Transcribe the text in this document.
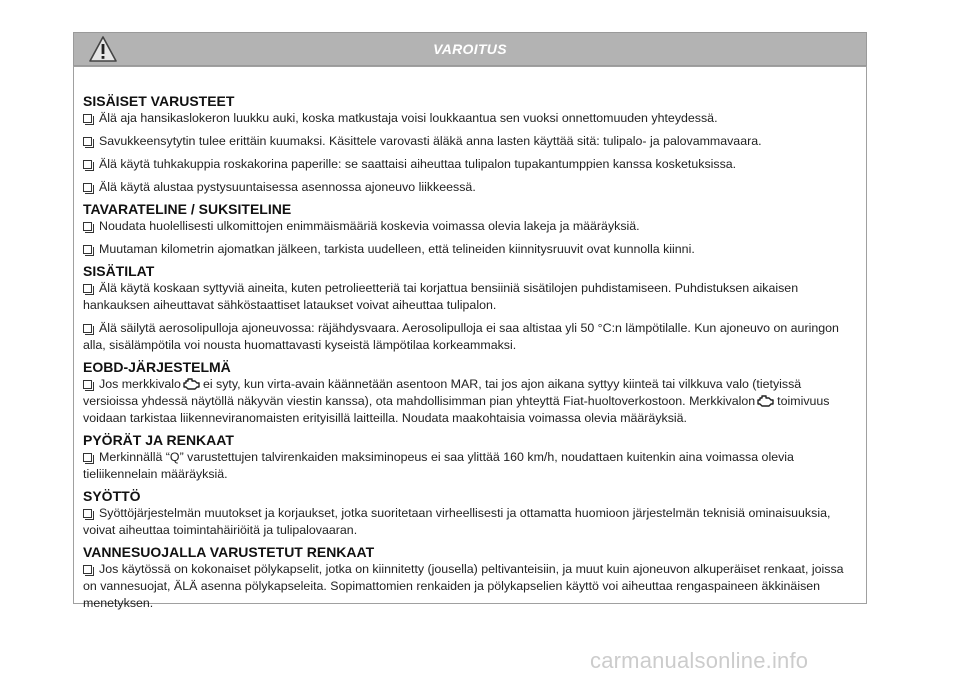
VAROITUS

SISÄISET VARUSTEET

Älä aja hansikaslokeron luukku auki, koska matkustaja voisi loukkaantua sen vuoksi onnettomuuden yhteydessä.

Savukkeensytytin tulee erittäin kuumaksi. Käsittele varovasti äläkä anna lasten käyttää sitä: tulipalo- ja palovammavaara.

Älä käytä tuhkakuppia roskakorina paperille: se saattaisi aiheuttaa tulipalon tupakantumppien kanssa kosketuksissa.

Älä käytä alustaa pystysuuntaisessa asennossa ajoneuvo liikkeessä.

TAVARATELINE / SUKSITELINE

Noudata huolellisesti ulkomittojen enimmäismääriä koskevia voimassa olevia lakeja ja määräyksiä.

Muutaman kilometrin ajomatkan jälkeen, tarkista uudelleen, että telineiden kiinnitysruuvit ovat kunnolla kiinni.

SISÄTILAT

Älä käytä koskaan syttyviä aineita, kuten petrolieetteriä tai korjattua bensiiniä sisätilojen puhdistamiseen. Puhdistuksen aikaisen hankauksen aiheuttavat sähköstaattiset lataukset voivat aiheuttaa tulipalon.

Älä säilytä aerosolipulloja ajoneuvossa: räjähdysvaara. Aerosolipulloja ei saa altistaa yli 50 °C:n lämpötilalle. Kun ajoneuvo on auringon alla, sisälämpötila voi nousta huomattavasti kyseistä lämpötilaa korkeammaksi.

EOBD-JÄRJESTELMÄ

Jos merkkivalo ei syty, kun virta-avain käännetään asentoon MAR, tai jos ajon aikana syttyy kiinteä tai vilkkuva valo (tietyissä versioissa yhdessä näytöllä näkyvän viestin kanssa), ota mahdollisimman pian yhteyttä Fiat-huoltoverkostoon. Merkkivalon toimivuus voidaan tarkistaa liikenneviranomaisten erityisillä laitteilla. Noudata maakohtaisia voimassa olevia määräyksiä.

PYÖRÄT JA RENKAAT

Merkinnällä “Q” varustettujen talvirenkaiden maksiminopeus ei saa ylittää 160 km/h, noudattaen kuitenkin aina voimassa olevia tieliikennelain määräyksiä.

SYÖTTÖ

Syöttöjärjestelmän muutokset ja korjaukset, jotka suoritetaan virheellisesti ja ottamatta huomioon järjestelmän teknisiä ominaisuuksia, voivat aiheuttaa toimintahäiriöitä ja tulipalovaaran.

VANNESUOJALLA VARUSTETUT RENKAAT

Jos käytössä on kokonaiset pölykapselit, jotka on kiinnitetty (jousella) peltivanteisiin, ja muut kuin ajoneuvon alkuperäiset renkaat, joissa on vannesuojat, ÄLÄ asenna pölykapseleita. Sopimattomien renkaiden ja pölykapselien käyttö voi aiheuttaa rengaspaineen äkkinäisen menetyksen.

carmanualsonline.info
